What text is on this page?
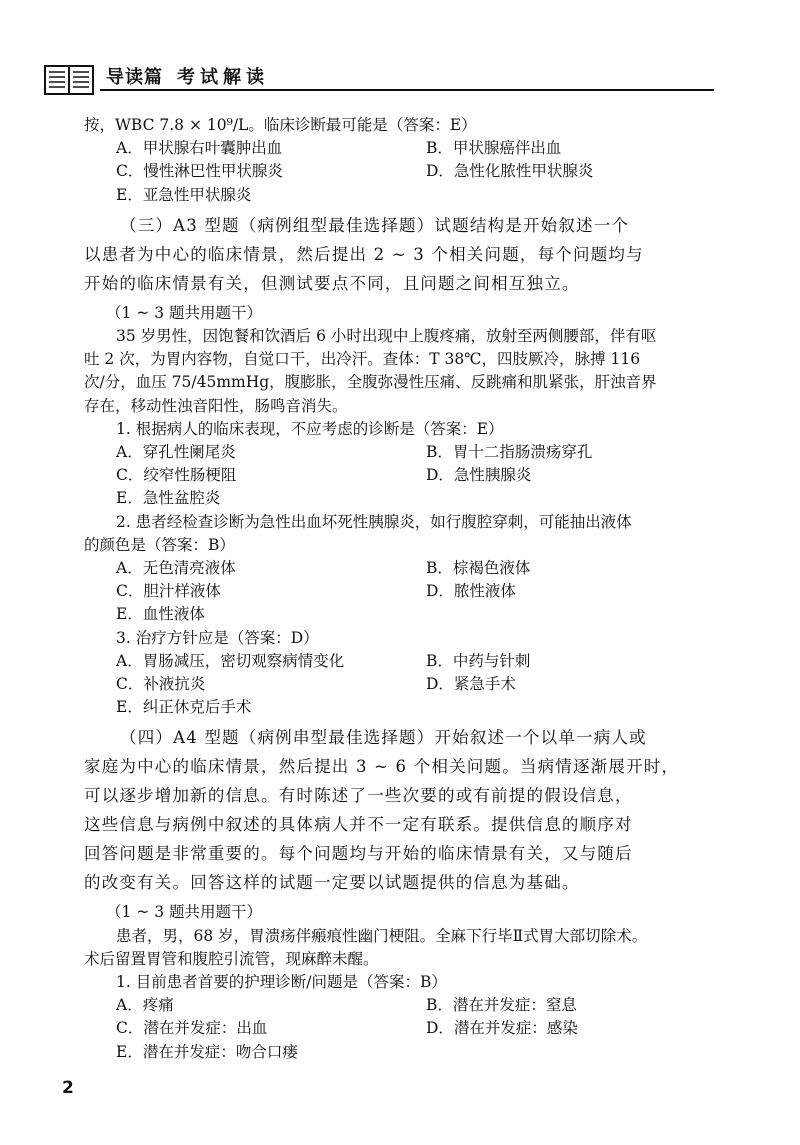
导读篇 考试解读
按，WBC 7.8 × 10⁹/L。临床诊断最可能是（答案：E）
A．甲状腺右叶囊肿出血	B．甲状腺癌伴出血
C．慢性淋巴性甲状腺炎	D．急性化脓性甲状腺炎
E．亚急性甲状腺炎
（三）A3 型题（病例组型最佳选择题）试题结构是开始叙述一个
以患者为中心的临床情景，然后提出 2 ~ 3 个相关问题，每个问题均与
开始的临床情景有关，但测试要点不同，且问题之间相互独立。
（1 ~ 3 题共用题干）
35 岁男性，因饱餐和饮酒后 6 小时出现中上腹疼痛，放射至两侧腰部，伴有呕
吐 2 次，为胃内容物，自觉口干，出冷汗。查体：T 38℃，四肢厥冷，脉搏 116
次/分，血压 75/45mmHg，腹膨胀，全腹弥漫性压痛、反跳痛和肌紧张，肝浊音界
存在，移动性浊音阳性，肠鸣音消失。
1. 根据病人的临床表现，不应考虑的诊断是（答案：E）
A．穿孔性阑尾炎	B．胃十二指肠溃疡穿孔
C．绞窄性肠梗阻	D．急性胰腺炎
E．急性盆腔炎
2. 患者经检查诊断为急性出血坏死性胰腺炎，如行腹腔穿刺，可能抽出液体
的颜色是（答案：B）
A．无色清亮液体	B．棕褐色液体
C．胆汁样液体	D．脓性液体
E．血性液体
3. 治疗方针应是（答案：D）
A．胃肠减压，密切观察病情变化	B．中药与针刺
C．补液抗炎	D．紧急手术
E．纠正休克后手术
（四）A4 型题（病例串型最佳选择题）开始叙述一个以单一病人或
家庭为中心的临床情景，然后提出 3 ~ 6 个相关问题。当病情逐渐展开时，
可以逐步增加新的信息。有时陈述了一些次要的或有前提的假设信息，
这些信息与病例中叙述的具体病人并不一定有联系。提供信息的顺序对
回答问题是非常重要的。每个问题均与开始的临床情景有关，又与随后
的改变有关。回答这样的试题一定要以试题提供的信息为基础。
（1 ~ 3 题共用题干）
患者，男，68 岁，胃溃疡伴瘢痕性幽门梗阻。全麻下行毕Ⅱ式胃大部切除术。
术后留置胃管和腹腔引流管，现麻醉未醒。
1. 目前患者首要的护理诊断/问题是（答案：B）
A．疼痛	B．潜在并发症：窒息
C．潜在并发症：出血	D．潜在并发症：感染
E．潜在并发症：吻合口瘘
2
